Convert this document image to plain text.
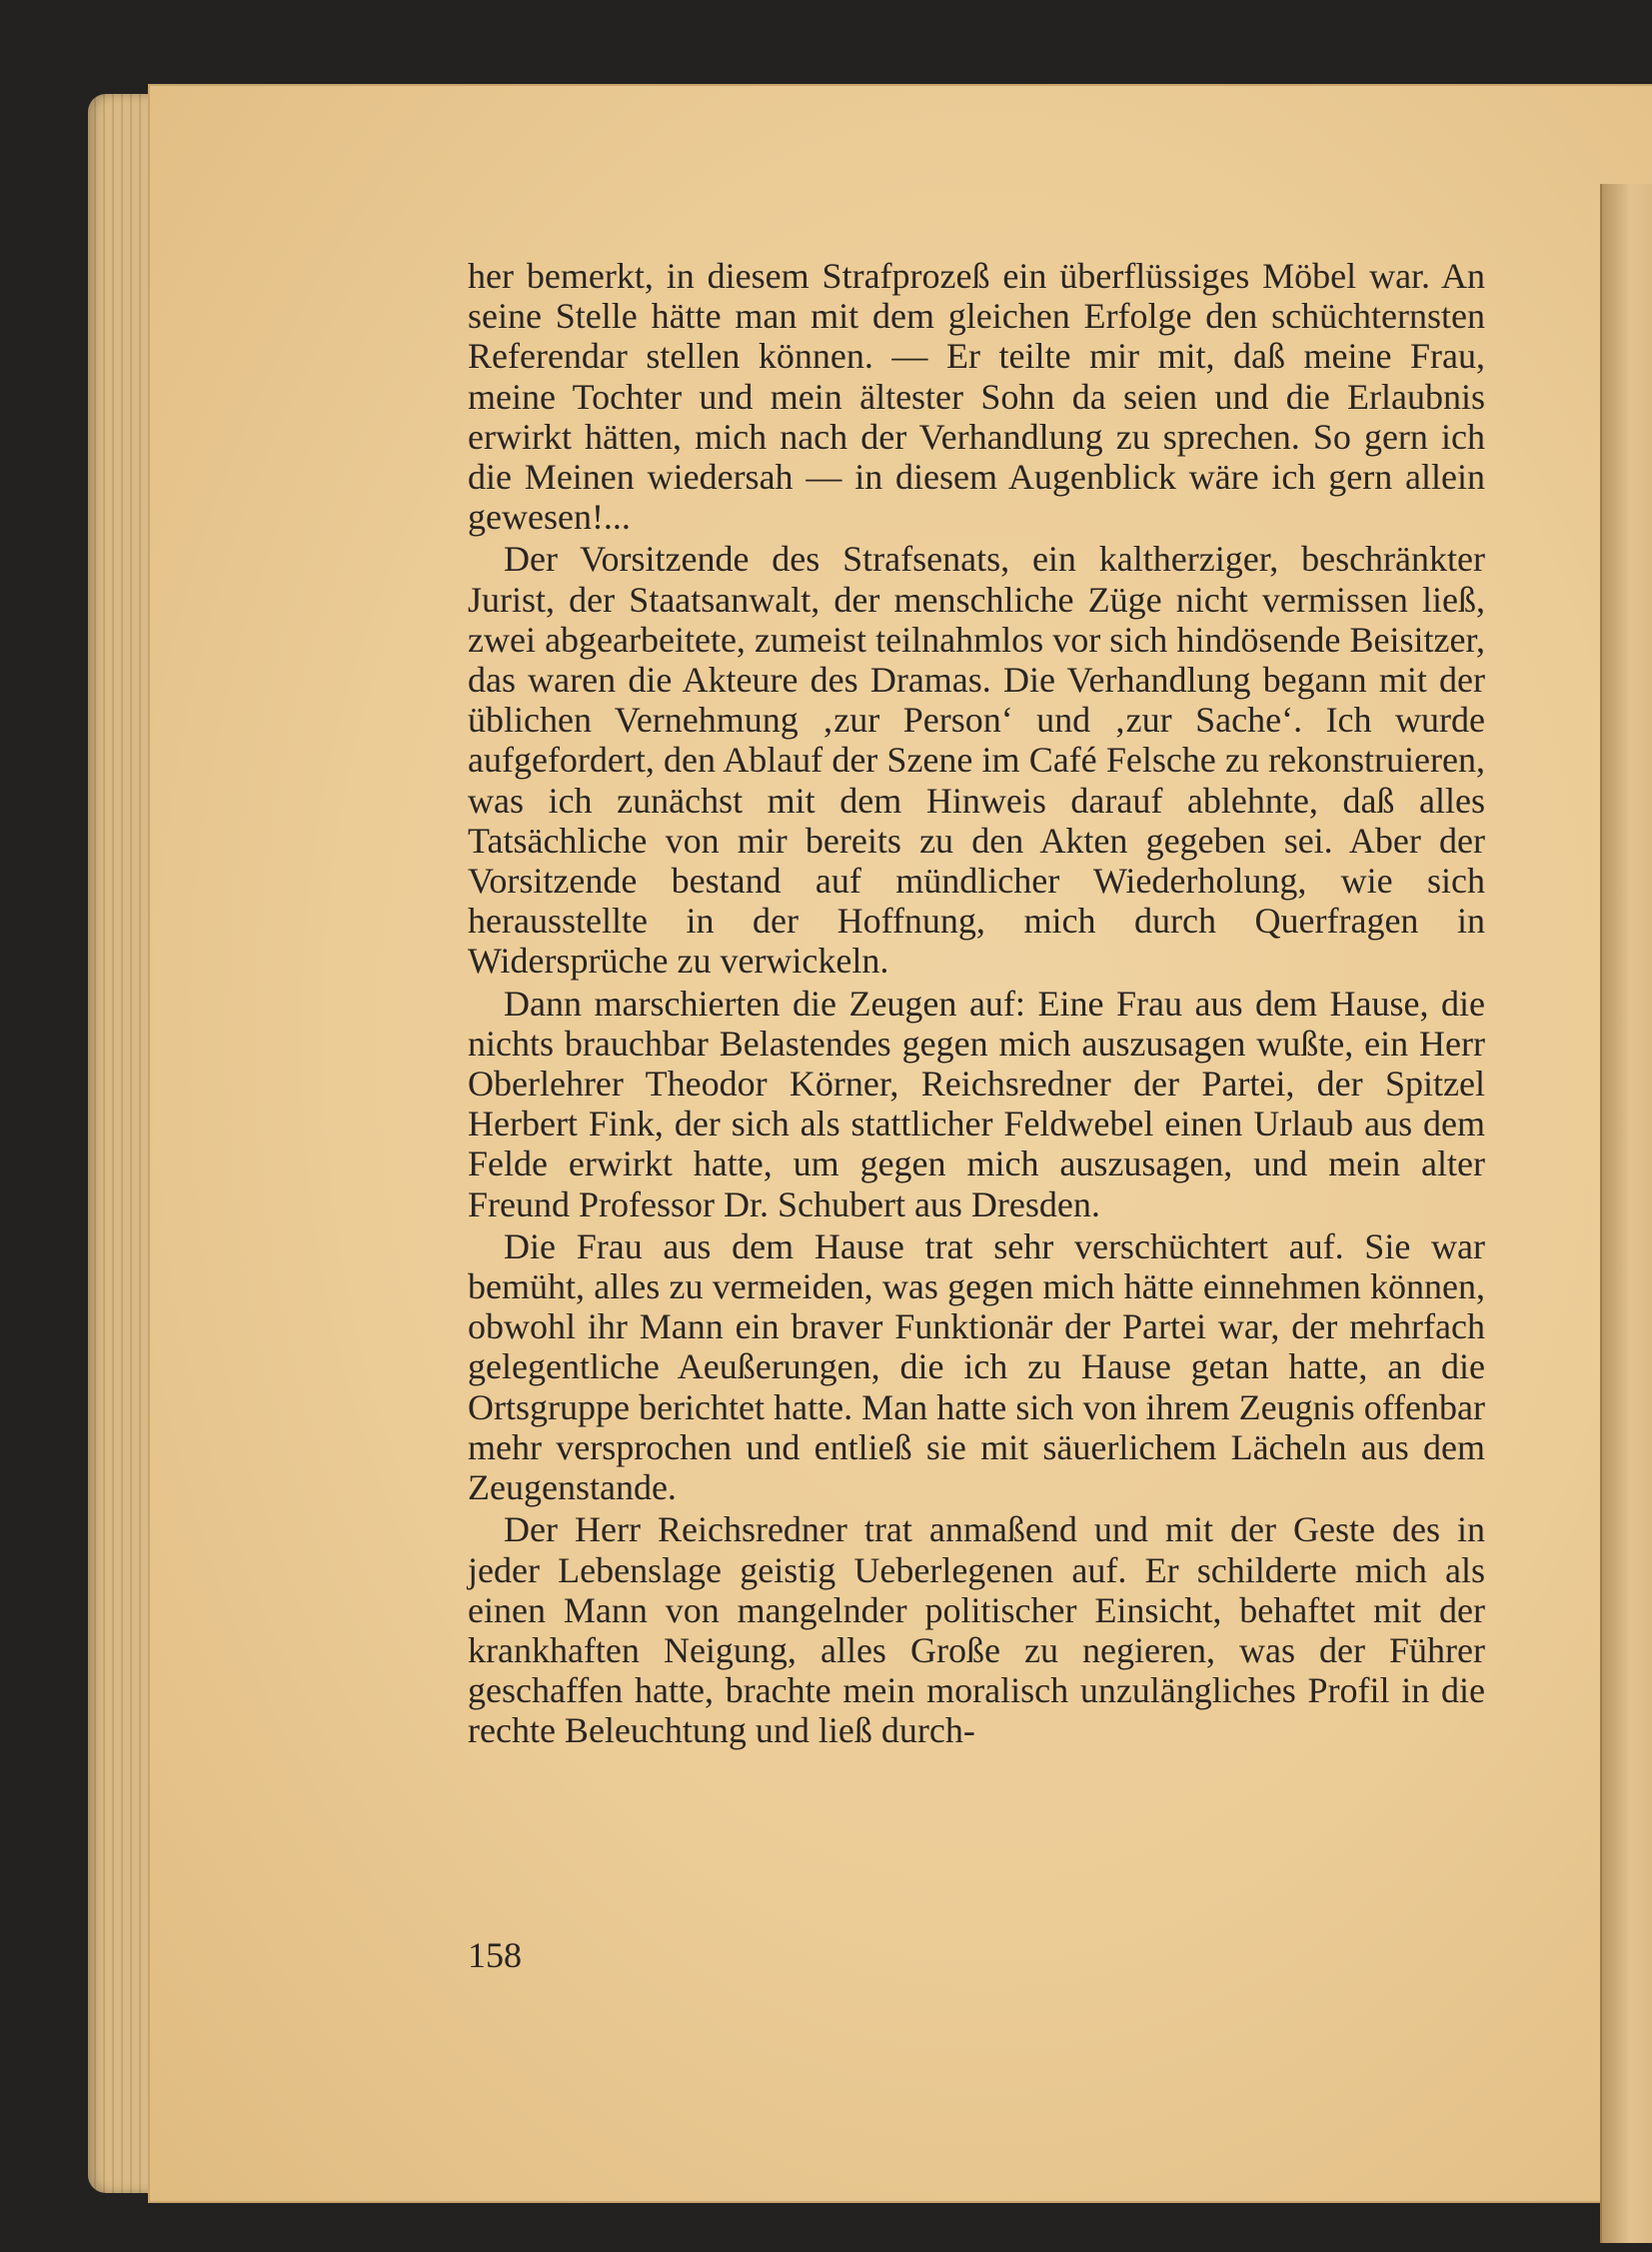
her bemerkt, in diesem Strafprozeß ein überflüssiges Möbel war. An seine Stelle hätte man mit dem gleichen Erfolge den schüchternsten Referendar stellen können. — Er teilte mir mit, daß meine Frau, meine Tochter und mein ältester Sohn da seien und die Erlaubnis erwirkt hätten, mich nach der Verhandlung zu sprechen. So gern ich die Meinen wiedersah — in diesem Augenblick wäre ich gern allein gewesen!...

Der Vorsitzende des Strafsenats, ein kaltherziger, beschränkter Jurist, der Staatsanwalt, der menschliche Züge nicht vermissen ließ, zwei abgearbeitete, zumeist teilnahmlos vor sich hindösende Beisitzer, das waren die Akteure des Dramas. Die Verhandlung begann mit der üblichen Vernehmung ‚zur Person‘ und ‚zur Sache‘. Ich wurde aufgefordert, den Ablauf der Szene im Café Felsche zu rekonstruieren, was ich zunächst mit dem Hinweis darauf ablehnte, daß alles Tatsächliche von mir bereits zu den Akten gegeben sei. Aber der Vorsitzende bestand auf mündlicher Wiederholung, wie sich herausstellte in der Hoffnung, mich durch Querfragen in Widersprüche zu verwickeln.

Dann marschierten die Zeugen auf: Eine Frau aus dem Hause, die nichts brauchbar Belastendes gegen mich auszusagen wußte, ein Herr Oberlehrer Theodor Körner, Reichsredner der Partei, der Spitzel Herbert Fink, der sich als stattlicher Feldwebel einen Urlaub aus dem Felde erwirkt hatte, um gegen mich auszusagen, und mein alter Freund Professor Dr. Schubert aus Dresden.

Die Frau aus dem Hause trat sehr verschüchtert auf. Sie war bemüht, alles zu vermeiden, was gegen mich hätte einnehmen können, obwohl ihr Mann ein braver Funktionär der Partei war, der mehrfach gelegentliche Aeußerungen, die ich zu Hause getan hatte, an die Ortsgruppe berichtet hatte. Man hatte sich von ihrem Zeugnis offenbar mehr versprochen und entließ sie mit säuerlichem Lächeln aus dem Zeugenstande.

Der Herr Reichsredner trat anmaßend und mit der Geste des in jeder Lebenslage geistig Ueberlegenen auf. Er schilderte mich als einen Mann von mangelnder politischer Einsicht, behaftet mit der krankhaften Neigung, alles Große zu negieren, was der Führer geschaffen hatte, brachte mein moralisch unzulängliches Profil in die rechte Beleuchtung und ließ durch-

158
